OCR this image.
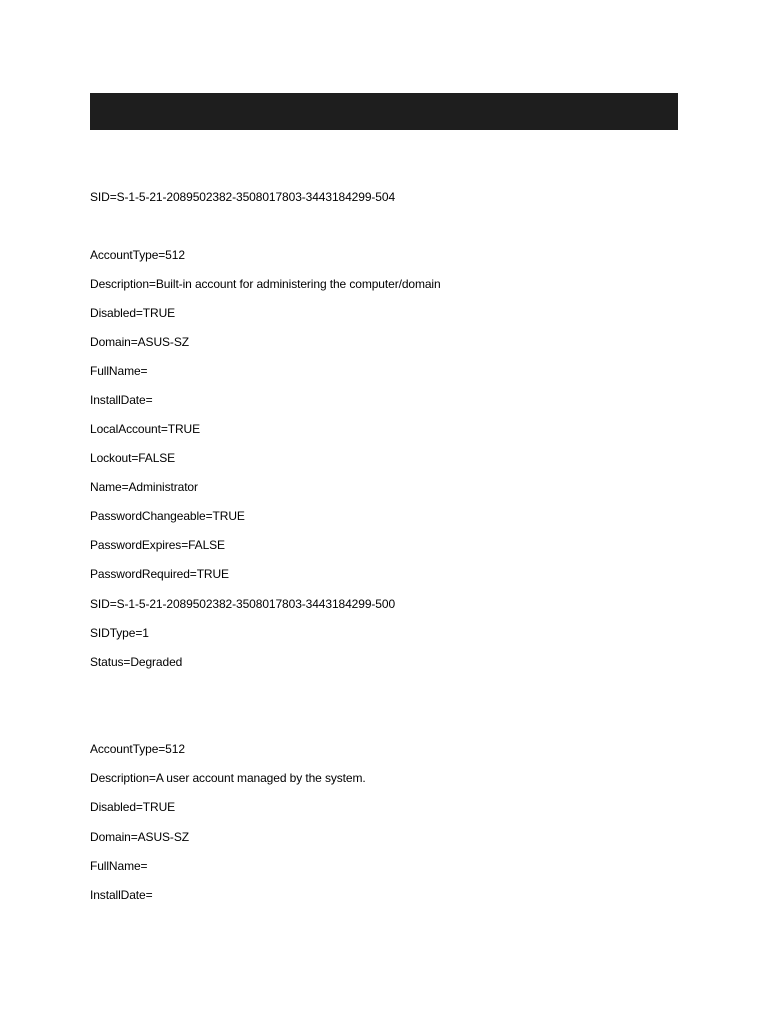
SID=S-1-5-21-2089502382-3508017803-3443184299-504
AccountType=512
Description=Built-in account for administering the computer/domain
Disabled=TRUE
Domain=ASUS-SZ
FullName=
InstallDate=
LocalAccount=TRUE
Lockout=FALSE
Name=Administrator
PasswordChangeable=TRUE
PasswordExpires=FALSE
PasswordRequired=TRUE
SID=S-1-5-21-2089502382-3508017803-3443184299-500
SIDType=1
Status=Degraded
AccountType=512
Description=A user account managed by the system.
Disabled=TRUE
Domain=ASUS-SZ
FullName=
InstallDate=
